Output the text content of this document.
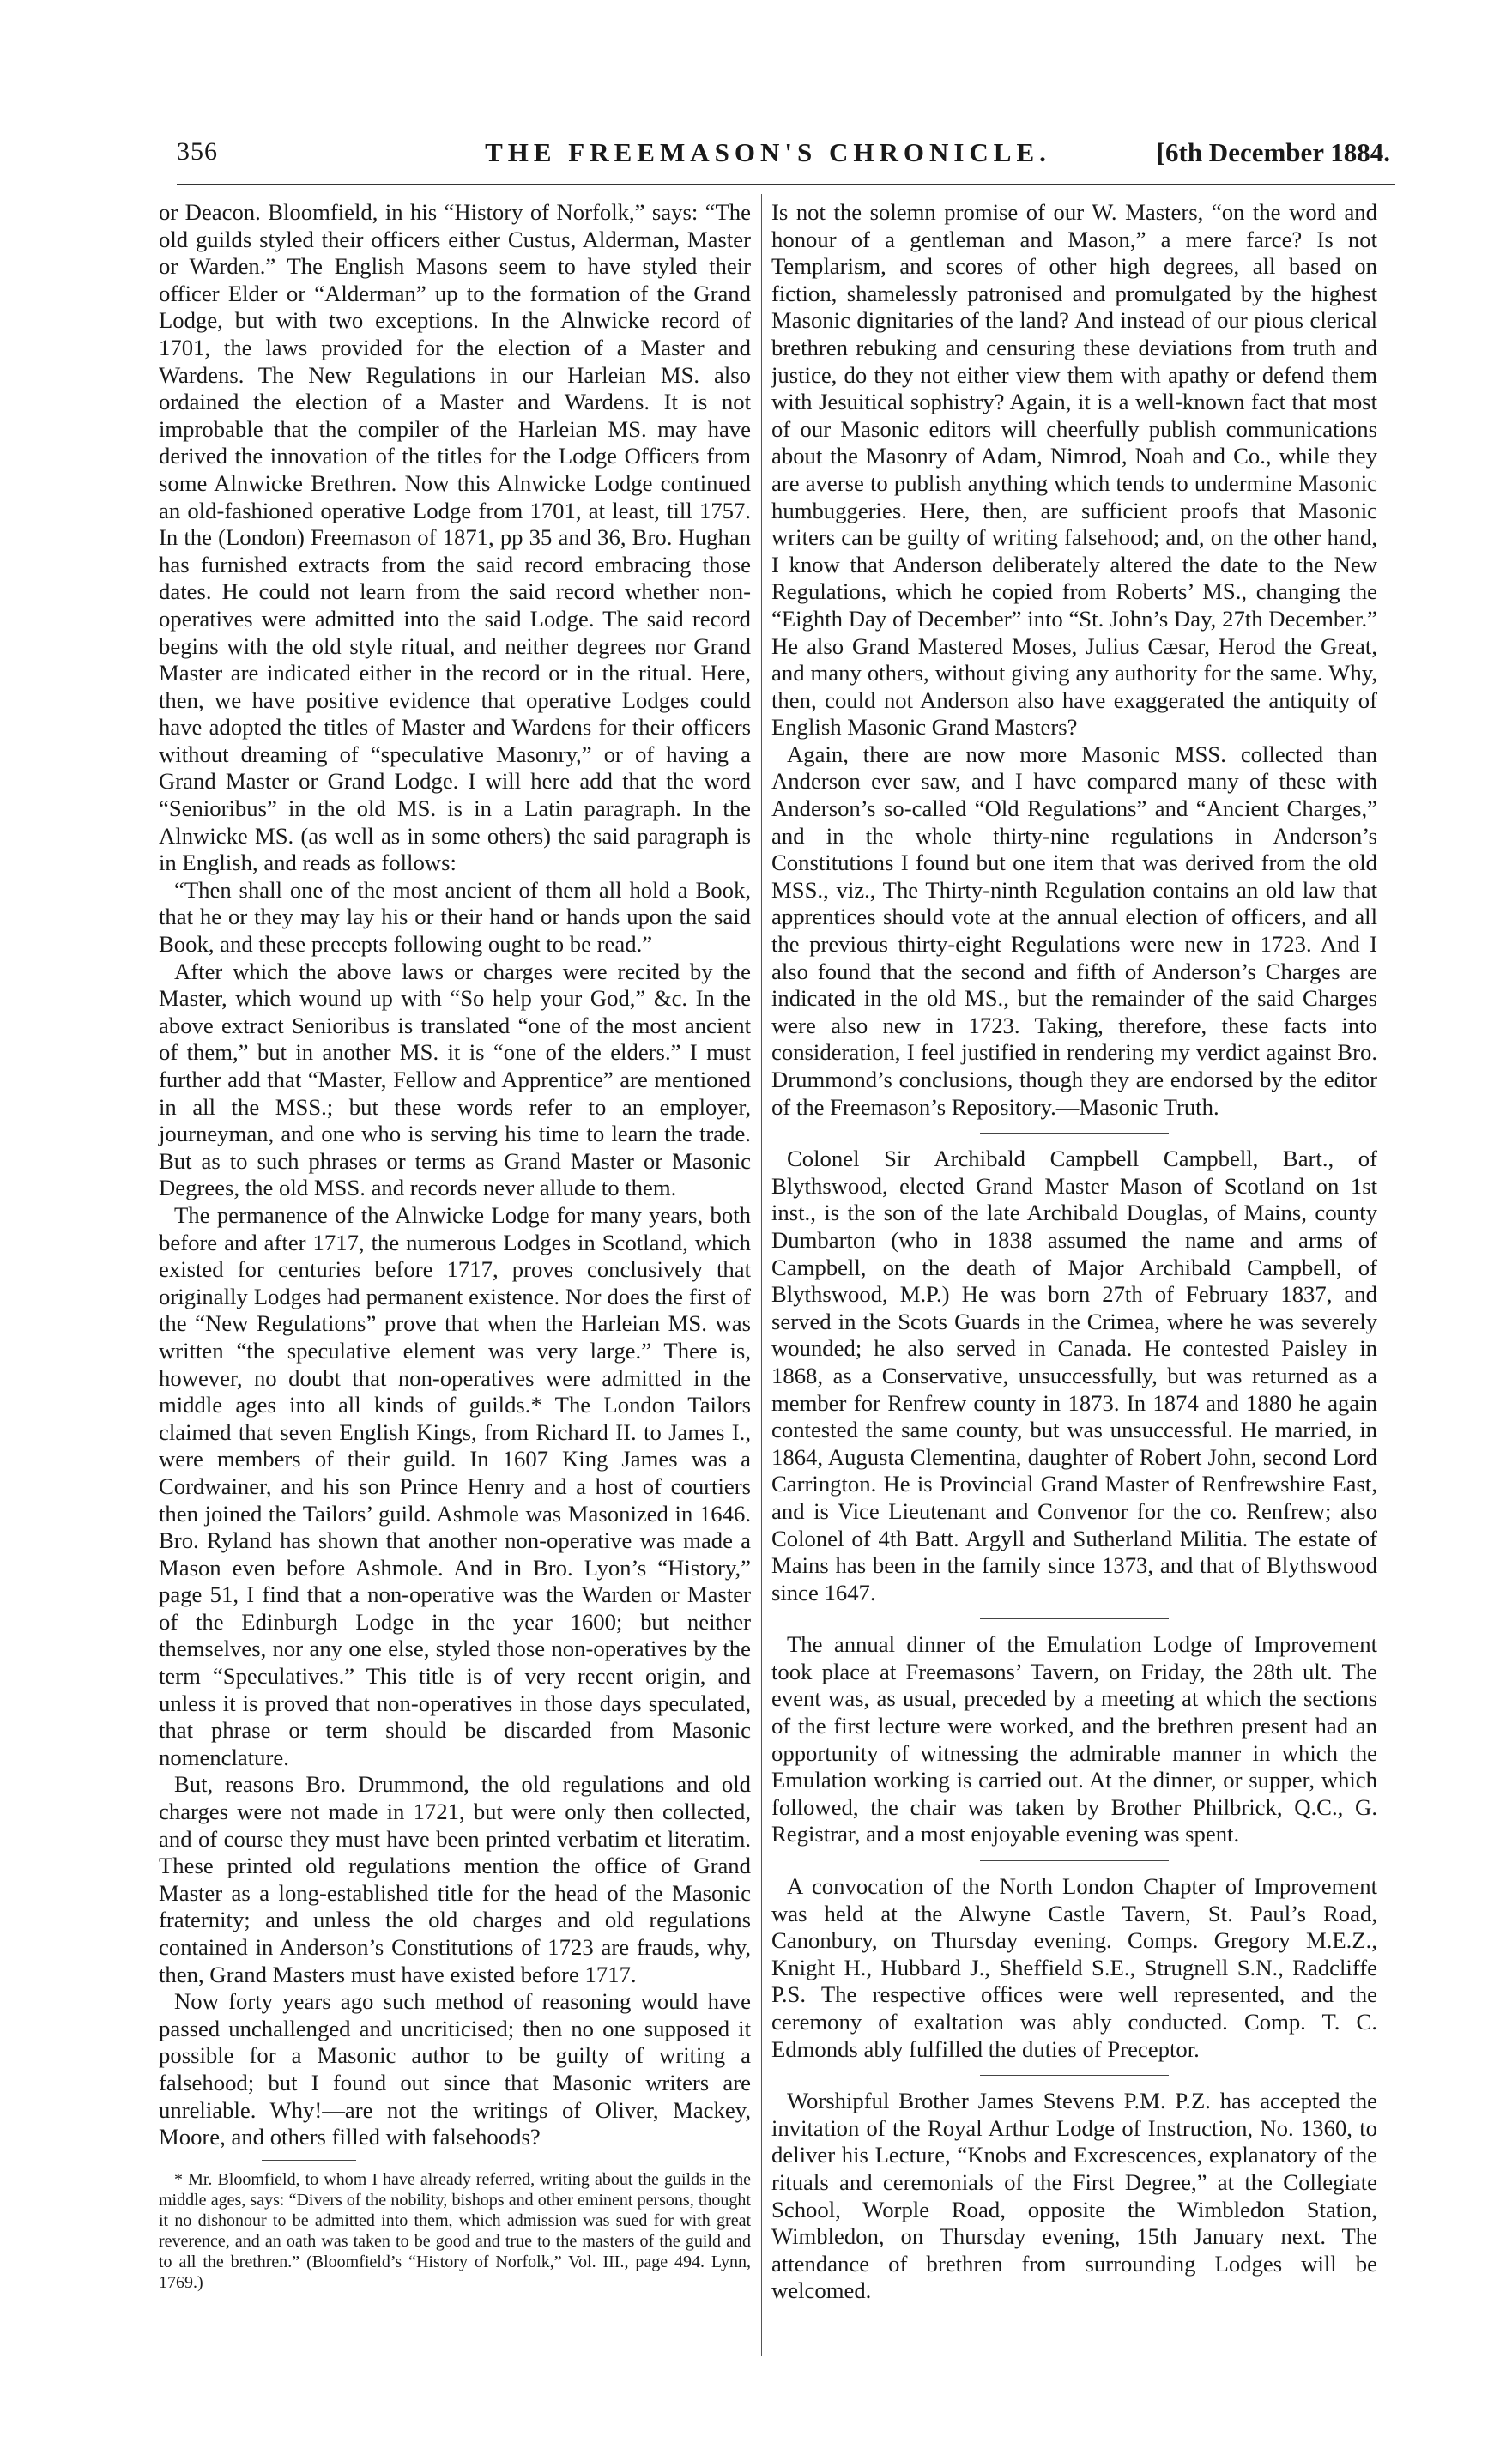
356	THE FREEMASON'S CHRONICLE.	[6th December 1884.

or Deacon. Bloomfield, in his “History of Norfolk,” says: “The old guilds styled their officers either Custus, Alderman, Master or Warden.” The English Masons seem to have styled their officer Elder or “Alderman” up to the formation of the Grand Lodge, but with two exceptions. In the Alnwicke record of 1701, the laws provided for the election of a Master and Wardens. The New Regulations in our Harleian MS. also ordained the election of a Master and Wardens. It is not improbable that the compiler of the Harleian MS. may have derived the innovation of the titles for the Lodge Officers from some Alnwicke Brethren. Now this Alnwicke Lodge continued an old-fashioned operative Lodge from 1701, at least, till 1757. In the (London) Freemason of 1871, pp 35 and 36, Bro. Hughan has furnished extracts from the said record embracing those dates. He could not learn from the said record whether non-operatives were admitted into the said Lodge. The said record begins with the old style ritual, and neither degrees nor Grand Master are indicated either in the record or in the ritual. Here, then, we have positive evidence that operative Lodges could have adopted the titles of Master and Wardens for their officers without dreaming of “speculative Masonry,” or of having a Grand Master or Grand Lodge. I will here add that the word “Senioribus” in the old MS. is in a Latin paragraph. In the Alnwicke MS. (as well as in some others) the said paragraph is in English, and reads as follows:

“Then shall one of the most ancient of them all hold a Book, that he or they may lay his or their hand or hands upon the said Book, and these precepts following ought to be read.”

After which the above laws or charges were recited by the Master, which wound up with “So help your God,” &c. In the above extract Senioribus is translated “one of the most ancient of them,” but in another MS. it is “one of the elders.” I must further add that “Master, Fellow and Apprentice” are mentioned in all the MSS.; but these words refer to an employer, journeyman, and one who is serving his time to learn the trade. But as to such phrases or terms as Grand Master or Masonic Degrees, the old MSS. and records never allude to them.

The permanence of the Alnwicke Lodge for many years, both before and after 1717, the numerous Lodges in Scotland, which existed for centuries before 1717, proves conclusively that originally Lodges had permanent existence. Nor does the first of the “New Regulations” prove that when the Harleian MS. was written “the speculative element was very large.” There is, however, no doubt that non-operatives were admitted in the middle ages into all kinds of guilds.* The London Tailors claimed that seven English Kings, from Richard II. to James I., were members of their guild. In 1607 King James was a Cordwainer, and his son Prince Henry and a host of courtiers then joined the Tailors’ guild. Ashmole was Masonized in 1646. Bro. Ryland has shown that another non-operative was made a Mason even before Ashmole. And in Bro. Lyon’s “History,” page 51, I find that a non-operative was the Warden or Master of the Edinburgh Lodge in the year 1600; but neither themselves, nor any one else, styled those non-operatives by the term “Speculatives.” This title is of very recent origin, and unless it is proved that non-operatives in those days speculated, that phrase or term should be discarded from Masonic nomenclature.

But, reasons Bro. Drummond, the old regulations and old charges were not made in 1721, but were only then collected, and of course they must have been printed verbatim et literatim. These printed old regulations mention the office of Grand Master as a long-established title for the head of the Masonic fraternity; and unless the old charges and old regulations contained in Anderson’s Constitutions of 1723 are frauds, why, then, Grand Masters must have existed before 1717.

Now forty years ago such method of reasoning would have passed unchallenged and uncriticised; then no one supposed it possible for a Masonic author to be guilty of writing a falsehood; but I found out since that Masonic writers are unreliable. Why!—are not the writings of Oliver, Mackey, Moore, and others filled with falsehoods?

* Mr. Bloomfield, to whom I have already referred, writing about the guilds in the middle ages, says: “Divers of the nobility, bishops and other eminent persons, thought it no dishonour to be admitted into them, which admission was sued for with great reverence, and an oath was taken to be good and true to the masters of the guild and to all the brethren.” (Bloomfield’s “History of Norfolk,” Vol. III., page 494. Lynn, 1769.)

Is not the solemn promise of our W. Masters, “on the word and honour of a gentleman and Mason,” a mere farce? Is not Templarism, and scores of other high degrees, all based on fiction, shamelessly patronised and promulgated by the highest Masonic dignitaries of the land? And instead of our pious clerical brethren rebuking and censuring these deviations from truth and justice, do they not either view them with apathy or defend them with Jesuitical sophistry? Again, it is a well-known fact that most of our Masonic editors will cheerfully publish communications about the Masonry of Adam, Nimrod, Noah and Co., while they are averse to publish anything which tends to undermine Masonic humbuggeries. Here, then, are sufficient proofs that Masonic writers can be guilty of writing falsehood; and, on the other hand, I know that Anderson deliberately altered the date to the New Regulations, which he copied from Roberts’ MS., changing the “Eighth Day of December” into “St. John’s Day, 27th December.” He also Grand Mastered Moses, Julius Cæsar, Herod the Great, and many others, without giving any authority for the same. Why, then, could not Anderson also have exaggerated the antiquity of English Masonic Grand Masters?

Again, there are now more Masonic MSS. collected than Anderson ever saw, and I have compared many of these with Anderson’s so-called “Old Regulations” and “Ancient Charges,” and in the whole thirty-nine regulations in Anderson’s Constitutions I found but one item that was derived from the old MSS., viz., The Thirty-ninth Regulation contains an old law that apprentices should vote at the annual election of officers, and all the previous thirty-eight Regulations were new in 1723. And I also found that the second and fifth of Anderson’s Charges are indicated in the old MS., but the remainder of the said Charges were also new in 1723. Taking, therefore, these facts into consideration, I feel justified in rendering my verdict against Bro. Drummond’s conclusions, though they are endorsed by the editor of the Freemason’s Repository.—Masonic Truth.

Colonel Sir Archibald Campbell Campbell, Bart., of Blythswood, elected Grand Master Mason of Scotland on 1st inst., is the son of the late Archibald Douglas, of Mains, county Dumbarton (who in 1838 assumed the name and arms of Campbell, on the death of Major Archibald Campbell, of Blythswood, M.P.) He was born 27th of February 1837, and served in the Scots Guards in the Crimea, where he was severely wounded; he also served in Canada. He contested Paisley in 1868, as a Conservative, unsuccessfully, but was returned as a member for Renfrew county in 1873. In 1874 and 1880 he again contested the same county, but was unsuccessful. He married, in 1864, Augusta Clementina, daughter of Robert John, second Lord Carrington. He is Provincial Grand Master of Renfrewshire East, and is Vice Lieutenant and Convenor for the co. Renfrew; also Colonel of 4th Batt. Argyll and Sutherland Militia. The estate of Mains has been in the family since 1373, and that of Blythswood since 1647.

The annual dinner of the Emulation Lodge of Improvement took place at Freemasons’ Tavern, on Friday, the 28th ult. The event was, as usual, preceded by a meeting at which the sections of the first lecture were worked, and the brethren present had an opportunity of witnessing the admirable manner in which the Emulation working is carried out. At the dinner, or supper, which followed, the chair was taken by Brother Philbrick, Q.C., G. Registrar, and a most enjoyable evening was spent.

A convocation of the North London Chapter of Improvement was held at the Alwyne Castle Tavern, St. Paul’s Road, Canonbury, on Thursday evening. Comps. Gregory M.E.Z., Knight H., Hubbard J., Sheffield S.E., Strugnell S.N., Radcliffe P.S. The respective offices were well represented, and the ceremony of exaltation was ably conducted. Comp. T. C. Edmonds ably fulfilled the duties of Preceptor.

Worshipful Brother James Stevens P.M. P.Z. has accepted the invitation of the Royal Arthur Lodge of Instruction, No. 1360, to deliver his Lecture, “Knobs and Excrescences, explanatory of the rituals and ceremonials of the First Degree,” at the Collegiate School, Worple Road, opposite the Wimbledon Station, Wimbledon, on Thursday evening, 15th January next. The attendance of brethren from surrounding Lodges will be welcomed.
